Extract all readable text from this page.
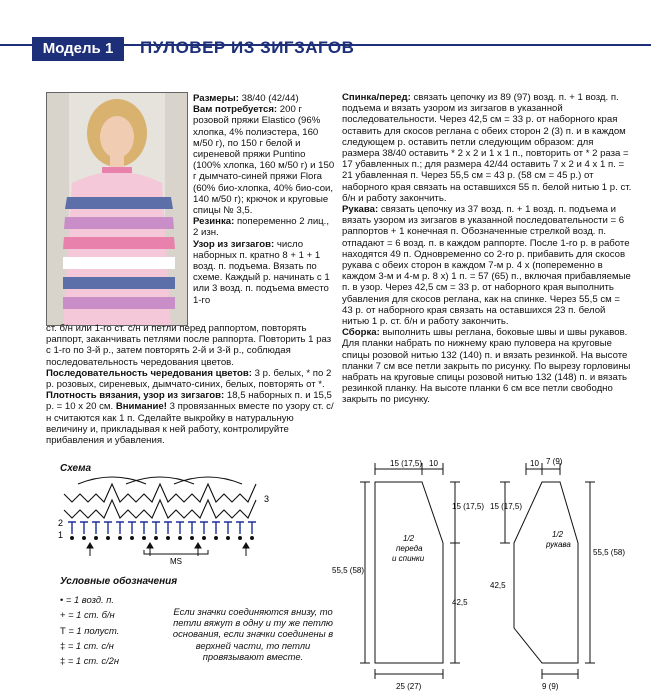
Модель 1	ПУЛОВЕР ИЗ ЗИГЗАГОВ
Размеры: 38/40 (42/44)
Вам потребуется: 200 г розовой пряжи Elastico (96% хлопка, 4% полиэстера, 160 м/50 г), по 150 г белой и сиреневой пряжи Puntino (100% хлопка, 160 м/50 г) и 150 г дымчато-синей пряжи Flora (60% био-хлопка, 40% био-сои, 140 м/50 г); крючок и круговые спицы № 3,5.
Резинка: попеременно 2 лиц., 2 изн.
Узор из зигзагов: число наборных п. кратно 8 + 1 + 1 возд. п. подъема. Вязать по схеме. Каждый р. начинать с 1 или 3 возд. п. подъема вместо 1-го
ст. б/н или 1-го ст. с/н и петли перед раппортом, повторять раппорт, заканчивать петлями после раппорта. Повторить 1 раз с 1-го по 3-й р., затем повторять 2-й и 3-й р., соблюдая последовательность чередования цветов.
Последовательность чередования цветов: 3 р. белых, * по 2 р. розовых, сиреневых, дымчато-синих, белых, повторять от *.
Плотность вязания, узор из зигзагов: 18,5 наборных п. и 15,5 р. = 10 х 20 см. Внимание! 3 провязанных вместе по узору ст. с/н считаются как 1 п. Сделайте выкройку в натуральную величину и, прикладывая к ней работу, контролируйте прибавления и убавления.
Спинка/перед: связать цепочку из 89 (97) возд. п. + 1 возд. п. подъема и вязать узором из зигзагов в указанной последовательности. Через 42,5 см = 33 р. от наборного края оставить для скосов реглана с обеих сторон 2 (3) п. и в каждом следующем р. оставить петли следующим образом: для размера 38/40 оставить * 2 х 2 и 1 х 1 п., повторить от * 2 раза = 17 убавленных п.; для размера 42/44 оставить 7 х 2 и 4 х 1 п. = 21 убавленная п. Через 55,5 см = 43 р. (58 см = 45 р.) от наборного края связать на оставшихся 55 п. белой нитью 1 р. ст. б/н и работу закончить.
Рукава: связать цепочку из 37 возд. п. + 1 возд. п. подъема и вязать узором из зигзагов в указанной последовательности = 6 раппортов + 1 конечная п. Обозначенные стрелкой возд. п. отпадают = 6 возд. п. в каждом раппорте. После 1-го р. в работе находятся 49 п. Одновременно со 2-го р. прибавить для скосов рукава с обеих сторон в каждом 7-м р. 4 х (попеременно в каждом 3-м и 4-м р. 8 х) 1 п. = 57 (65) п., включая прибавляемые п. в узор. Через 42,5 см = 33 р. от наборного края выполнить убавления для скосов реглана, как на спинке. Через 55,5 см = 43 р. от наборного края связать на оставшихся 23 п. белой нитью 1 р. ст. б/н и работу закончить.
Сборка: выполнить швы реглана, боковые швы и швы рукавов. Для планки набрать по нижнему краю пуловера на круговые спицы розовой нитью 132 (140) п. и вязать резинкой. На высоте планки 7 см все петли закрыть по рисунку. По вырезу горловины набрать на круговые спицы розовой нитью 132 (148) п. и вязать резинкой планку. На высоте планки 6 см все петли свободно закрыть по рисунку.
Схема
MS
3
2
1
Условные обозначения
• = 1 возд. п.
+ = 1 ст. б/н
T = 1 полуст.
‡ = 1 ст. с/н
‡ = 1 ст. с/2н
Если значки соединяются внизу, то петли вяжут в одну и ту же петлю основания, если значки соединены в верхней части, то петли провязывают вместе.
15 (17,5) 10
15 (17,5)
55,5 (58)
42,5
25 (27)
1/2
переда
и спинки
10 7 (9)
15 (17,5)
55,5 (58)
42,5
9 (9)
1/2
рукава
